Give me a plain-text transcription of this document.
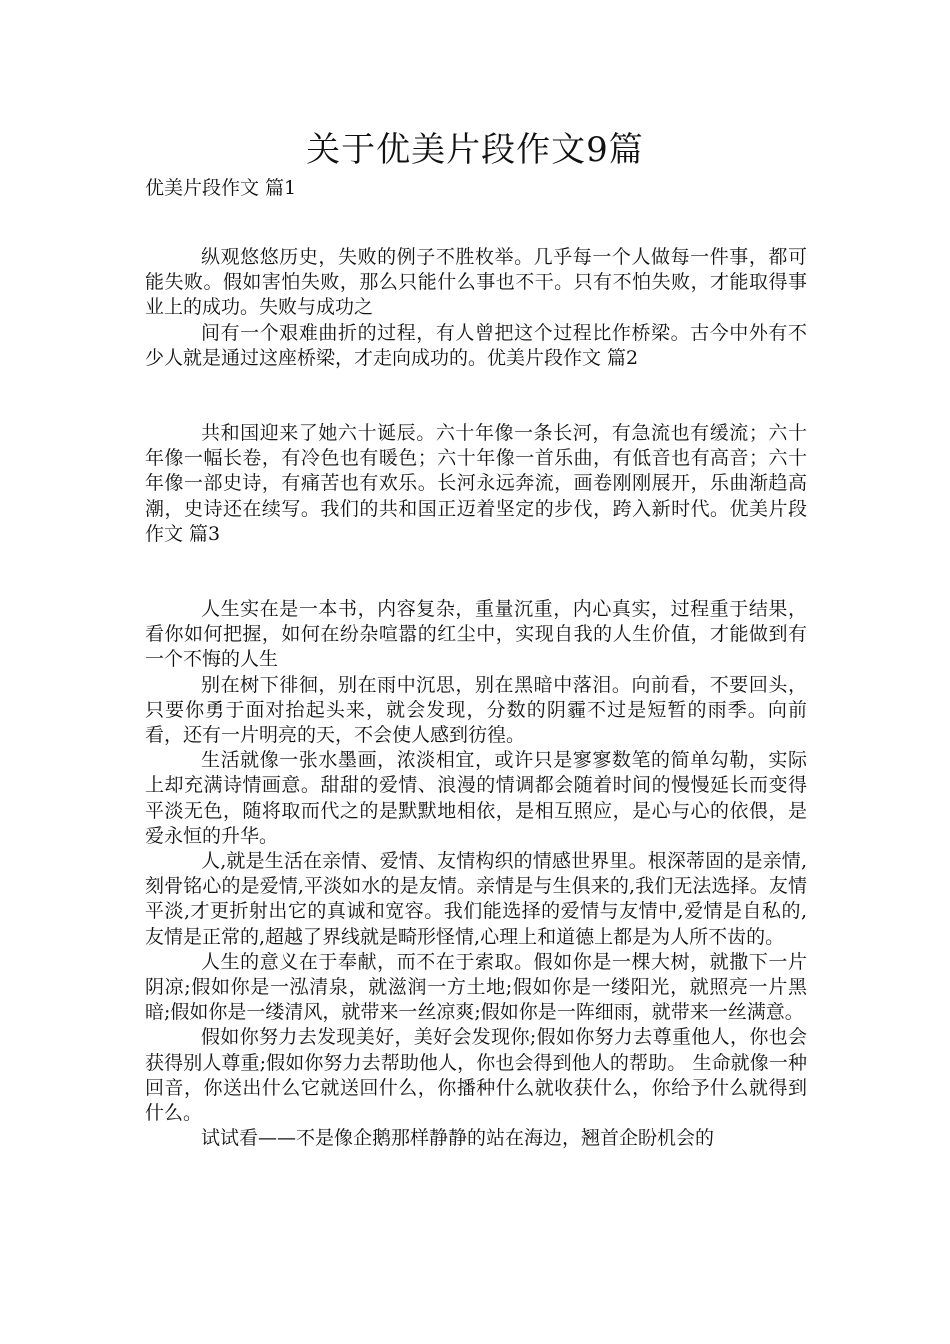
关于优美片段作文9篇
优美片段作文 篇1

纵观悠悠历史，失败的例子不胜枚举。几乎每一个人做每一件事，都可能失败。假如害怕失败，那么只能什么事也不干。只有不怕失败，才能取得事业上的成功。失败与成功之

间有一个艰难曲折的过程，有人曾把这个过程比作桥梁。古今中外有不少人就是通过这座桥梁，才走向成功的。优美片段作文 篇2

共和国迎来了她六十诞辰。六十年像一条长河，有急流也有缓流；六十年像一幅长卷，有冷色也有暖色；六十年像一首乐曲，有低音也有高音；六十年像一部史诗，有痛苦也有欢乐。长河永远奔流，画卷刚刚展开，乐曲渐趋高潮，史诗还在续写。我们的共和国正迈着坚定的步伐，跨入新时代。优美片段作文 篇3

人生实在是一本书，内容复杂，重量沉重，内心真实，过程重于结果，看你如何把握，如何在纷杂喧嚣的红尘中，实现自我的人生价值，才能做到有一个不悔的人生

别在树下徘徊，别在雨中沉思，别在黑暗中落泪。向前看，不要回头，只要你勇于面对抬起头来，就会发现，分数的阴霾不过是短暂的雨季。向前看，还有一片明亮的天，不会使人感到彷徨。

生活就像一张水墨画，浓淡相宜，或许只是寥寥数笔的简单勾勒，实际上却充满诗情画意。甜甜的爱情、浪漫的情调都会随着时间的慢慢延长而变得平淡无色，随将取而代之的是默默地相依，是相互照应，是心与心的依偎，是爱永恒的升华。

人,就是生活在亲情、爱情、友情构织的情感世界里。根深蒂固的是亲情,刻骨铭心的是爱情,平淡如水的是友情。亲情是与生俱来的,我们无法选择。友情平淡,才更折射出它的真诚和宽容。我们能选择的爱情与友情中,爱情是自私的,友情是正常的,超越了界线就是畸形怪情,心理上和道德上都是为人所不齿的。

人生的意义在于奉献，而不在于索取。假如你是一棵大树，就撒下一片阴凉;假如你是一泓清泉，就滋润一方土地;假如你是一缕阳光，就照亮一片黑暗;假如你是一缕清风，就带来一丝凉爽;假如你是一阵细雨，就带来一丝满意。

假如你努力去发现美好，美好会发现你;假如你努力去尊重他人，你也会获得别人尊重;假如你努力去帮助他人，你也会得到他人的帮助。 生命就像一种回音，你送出什么它就送回什么，你播种什么就收获什么，你给予什么就得到什么。

试试看——不是像企鹅那样静静的站在海边，翘首企盼机会的
